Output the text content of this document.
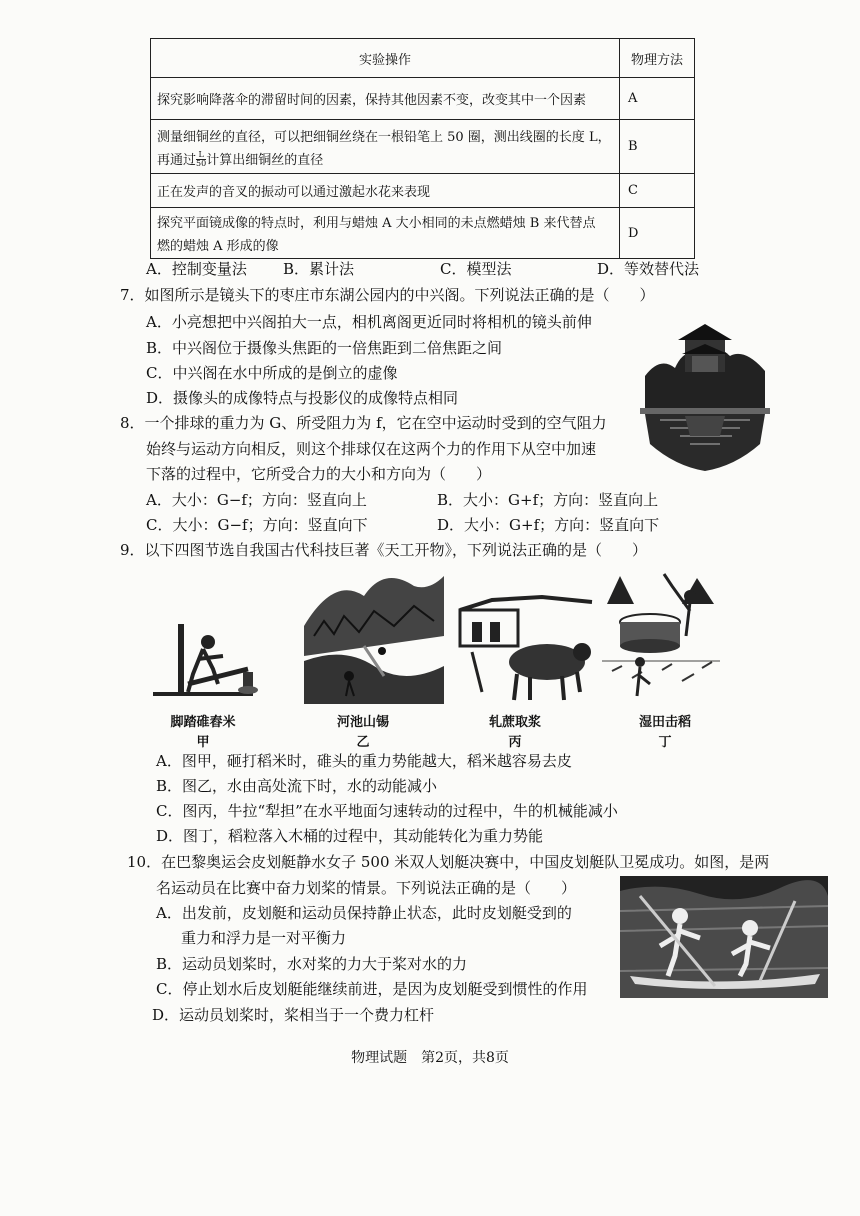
实验操作	物理方法
探究影响降落伞的滞留时间的因素，保持其他因素不变，改变其中一个因素	A

测量细铜丝的直径，可以把细铜丝绕在一根铅笔上 50 圈，测出线圈的长度 L，
再通过 $\frac{L}{50}$ 计算出细铜丝的直径	B
正在发声的音叉的振动可以通过激起水花来表现	C

探究平面镜成像的特点时，利用与蜡烛 A 大小相同的未点燃蜡烛 B 来代替点
燃的蜡烛 A 形成的像	D
A．控制变量法 B．累计法	C．模型法	D．等效替代法
7．如图所示是镜头下的枣庄市东湖公园内的中兴阁。下列说法正确的是（　　）
A．小亮想把中兴阁拍大一点，相机离阁更近同时将相机的镜头前伸
B．中兴阁位于摄像头焦距的一倍焦距到二倍焦距之间
C．中兴阁在水中所成的是倒立的虚像
D．摄像头的成像特点与投影仪的成像特点相同
8．一个排球的重力为 G、所受阻力为 f，它在空中运动时受到的空气阻力
始终与运动方向相反，则这个排球仅在这两个力的作用下从空中加速
下落的过程中，它所受合力的大小和方向为（　　）
A．大小：G−f；方向：竖直向上	B．大小：G+f；方向：竖直向上
C．大小：G−f；方向：竖直向下	D．大小：G+f；方向：竖直向下
9．以下四图节选自我国古代科技巨著《天工开物》，下列说法正确的是（　　）
脚踏碓舂米
甲
河池山锡
乙
轧蔗取浆
丙
湿田击稻
丁
A．图甲，砸打稻米时，碓头的重力势能越大，稻米越容易去皮
B．图乙，水由高处流下时，水的动能减小
C．图丙，牛拉“犁担”在水平地面匀速转动的过程中，牛的机械能减小
D．图丁，稻粒落入木桶的过程中，其动能转化为重力势能
10．在巴黎奥运会皮划艇静水女子 500 米双人划艇决赛中，中国皮划艇队卫冕成功。如图，是两
名运动员在比赛中奋力划桨的情景。下列说法正确的是（　　）
A．出发前，皮划艇和运动员保持静止状态，此时皮划艇受到的
重力和浮力是一对平衡力
B．运动员划桨时，水对桨的力大于桨对水的力
C．停止划水后皮划艇能继续前进，是因为皮划艇受到惯性的作用
D．运动员划桨时，桨相当于一个费力杠杆
物理试题　第2页，共8页
